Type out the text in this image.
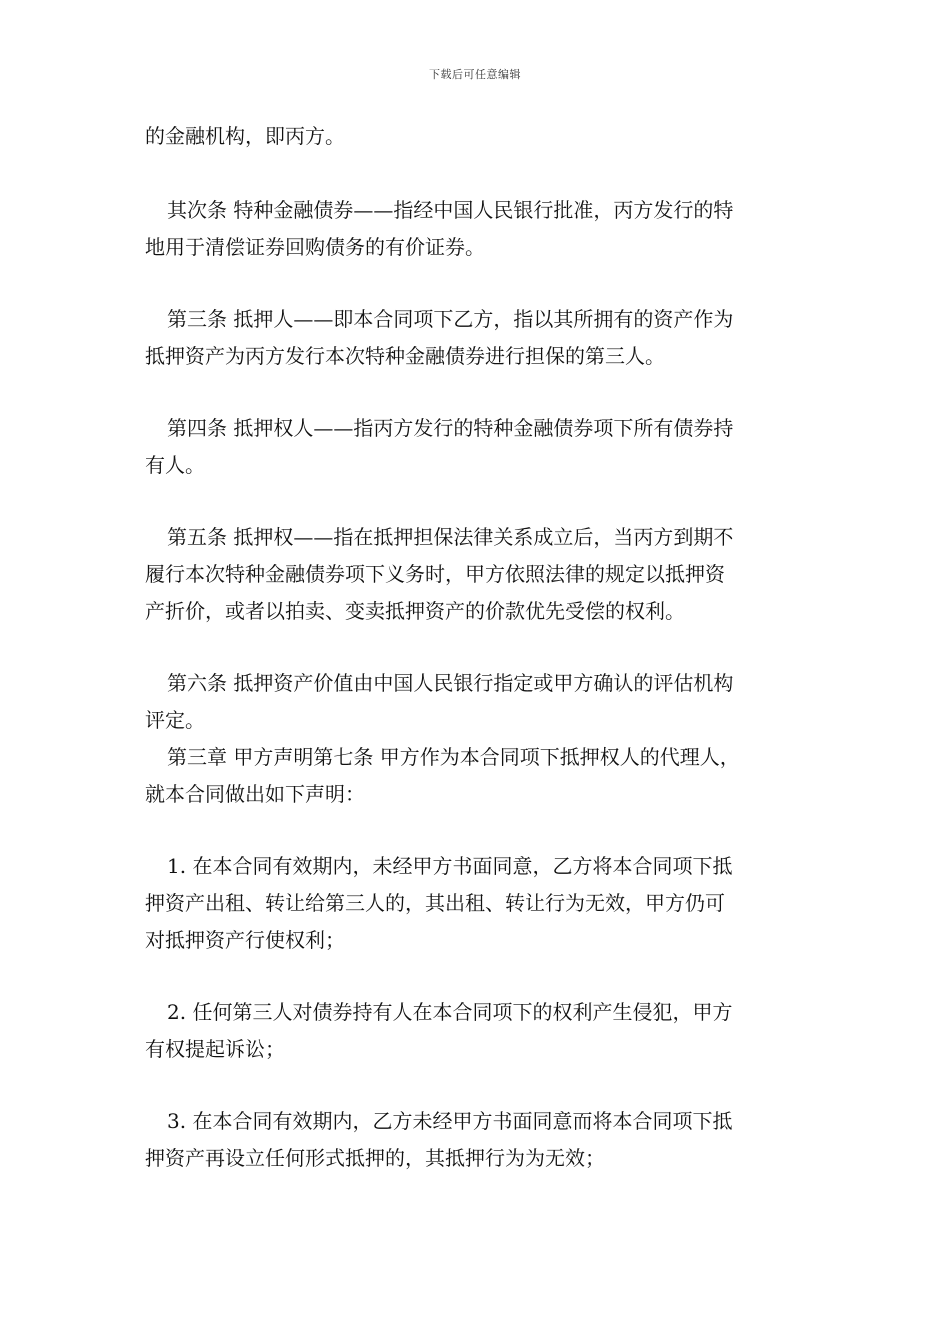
下载后可任意编辑
的金融机构，即丙方。
其次条 特种金融债券——指经中国人民银行批准，丙方发行的特
地用于清偿证券回购债务的有价证券。
第三条 抵押人——即本合同项下乙方，指以其所拥有的资产作为
抵押资产为丙方发行本次特种金融债券进行担保的第三人。
第四条 抵押权人——指丙方发行的特种金融债券项下所有债券持
有人。
第五条 抵押权——指在抵押担保法律关系成立后，当丙方到期不
履行本次特种金融债券项下义务时，甲方依照法律的规定以抵押资
产折价，或者以拍卖、变卖抵押资产的价款优先受偿的权利。
第六条 抵押资产价值由中国人民银行指定或甲方确认的评估机构
评定。
第三章 甲方声明第七条 甲方作为本合同项下抵押权人的代理人，
就本合同做出如下声明：
1. 在本合同有效期内，未经甲方书面同意，乙方将本合同项下抵
押资产出租、转让给第三人的，其出租、转让行为无效，甲方仍可
对抵押资产行使权利；
2. 任何第三人对债券持有人在本合同项下的权利产生侵犯，甲方
有权提起诉讼；
3. 在本合同有效期内，乙方未经甲方书面同意而将本合同项下抵
押资产再设立任何形式抵押的，其抵押行为为无效；
